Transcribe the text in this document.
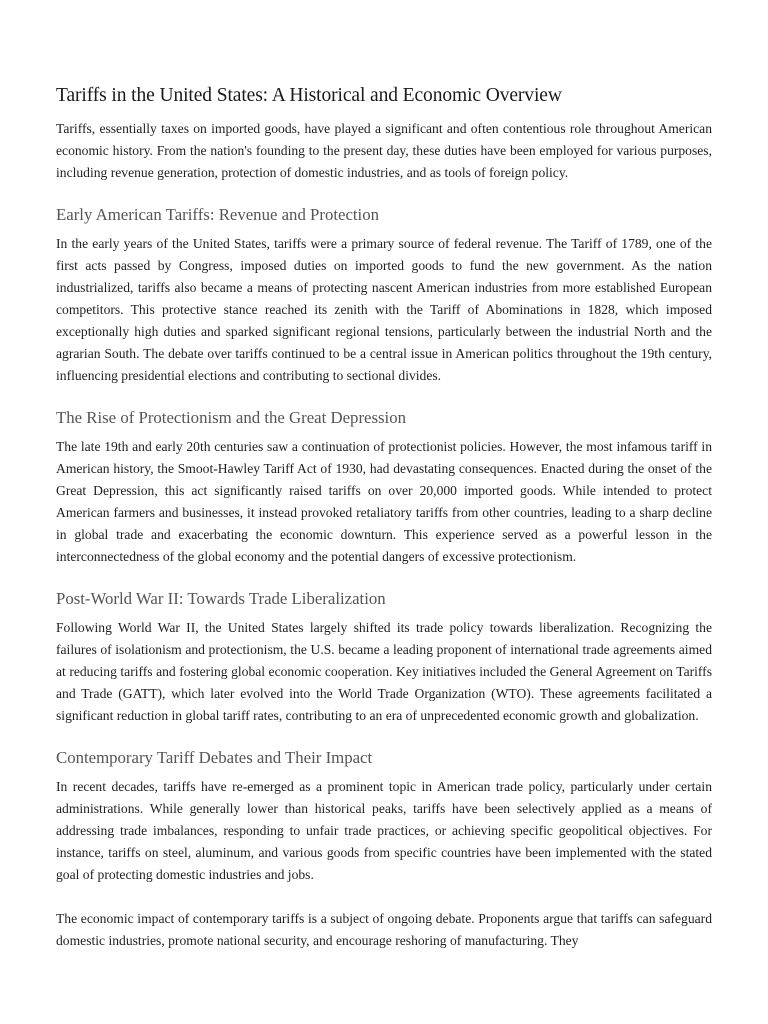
Tariffs in the United States: A Historical and Economic Overview

Tariffs, essentially taxes on imported goods, have played a significant and often contentious role throughout American economic history. From the nation's founding to the present day, these duties have been employed for various purposes, including revenue generation, protection of domestic industries, and as tools of foreign policy.

Early American Tariffs: Revenue and Protection

In the early years of the United States, tariffs were a primary source of federal revenue. The Tariff of 1789, one of the first acts passed by Congress, imposed duties on imported goods to fund the new government. As the nation industrialized, tariffs also became a means of protecting nascent American industries from more established European competitors. This protective stance reached its zenith with the Tariff of Abominations in 1828, which imposed exceptionally high duties and sparked significant regional tensions, particularly between the industrial North and the agrarian South. The debate over tariffs continued to be a central issue in American politics throughout the 19th century, influencing presidential elections and contributing to sectional divides.

The Rise of Protectionism and the Great Depression

The late 19th and early 20th centuries saw a continuation of protectionist policies. However, the most infamous tariff in American history, the Smoot-Hawley Tariff Act of 1930, had devastating consequences. Enacted during the onset of the Great Depression, this act significantly raised tariffs on over 20,000 imported goods. While intended to protect American farmers and businesses, it instead provoked retaliatory tariffs from other countries, leading to a sharp decline in global trade and exacerbating the economic downturn. This experience served as a powerful lesson in the interconnectedness of the global economy and the potential dangers of excessive protectionism.

Post-World War II: Towards Trade Liberalization

Following World War II, the United States largely shifted its trade policy towards liberalization. Recognizing the failures of isolationism and protectionism, the U.S. became a leading proponent of international trade agreements aimed at reducing tariffs and fostering global economic cooperation. Key initiatives included the General Agreement on Tariffs and Trade (GATT), which later evolved into the World Trade Organization (WTO). These agreements facilitated a significant reduction in global tariff rates, contributing to an era of unprecedented economic growth and globalization.

Contemporary Tariff Debates and Their Impact

In recent decades, tariffs have re-emerged as a prominent topic in American trade policy, particularly under certain administrations. While generally lower than historical peaks, tariffs have been selectively applied as a means of addressing trade imbalances, responding to unfair trade practices, or achieving specific geopolitical objectives. For instance, tariffs on steel, aluminum, and various goods from specific countries have been implemented with the stated goal of protecting domestic industries and jobs.

The economic impact of contemporary tariffs is a subject of ongoing debate. Proponents argue that tariffs can safeguard domestic industries, promote national security, and encourage reshoring of manufacturing. They
